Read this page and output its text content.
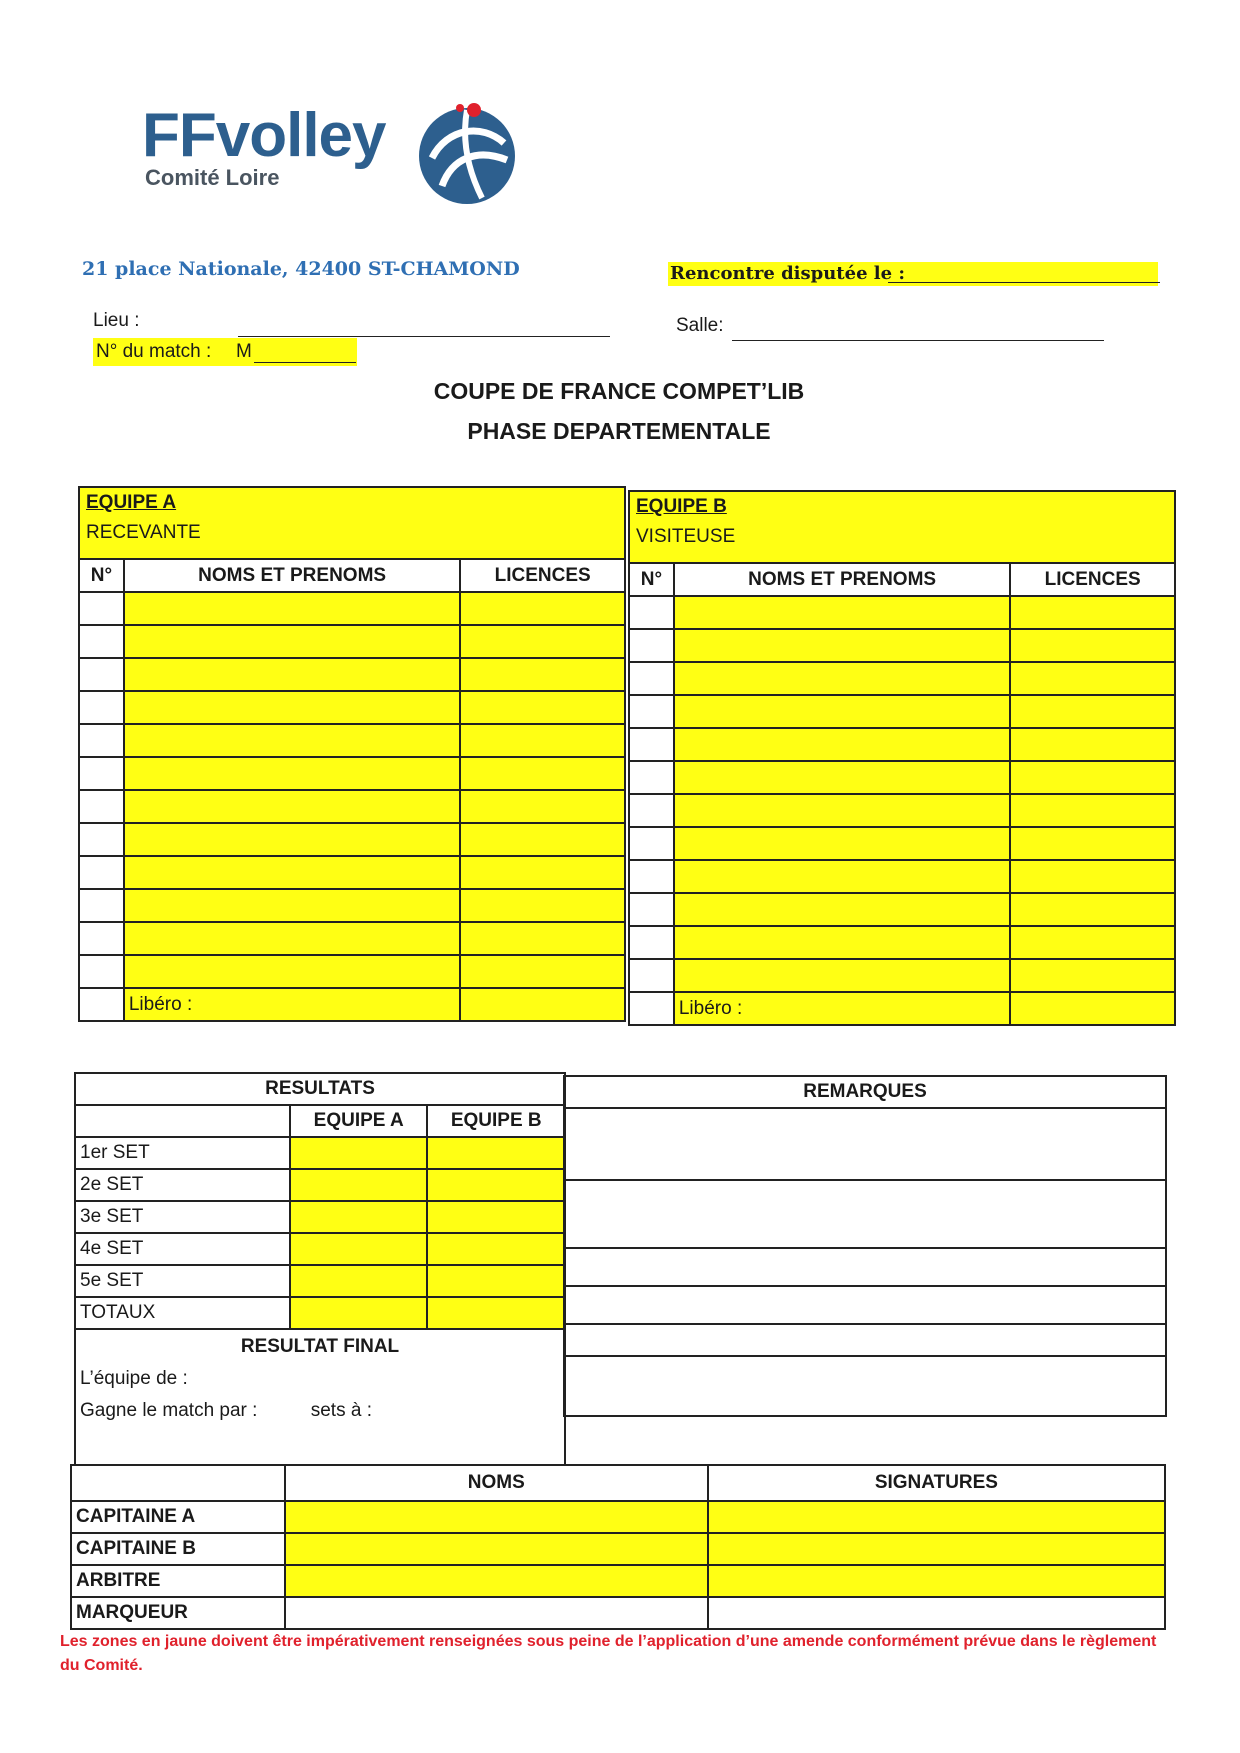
FFvolley
Comité Loire
21 place Nationale, 42400 ST-CHAMOND	Rencontre disputée le :
Lieu :	Salle:
N° du match : M
COUPE DE FRANCE COMPET’LIB
PHASE DEPARTEMENTALE
EQUIPE A
RECEVANTE		

N°	NOMS ET PRENOMS	LICENCES

	Libéro :	
EQUIPE B
VISITEUSE		

N°	NOMS ET PRENOMS	LICENCES

	Libéro :	
RESULTATS		
	EQUIPE A	EQUIPE B
1er SET		
2e SET		
3e SET		
4e SET		
5e SET		
TOTAUX		

RESULTAT FINAL
L’équipe de :
Gagne le match par : sets à :		
REMARQUES

	NOMS	SIGNATURES
CAPITAINE A		
CAPITAINE B		
ARBITRE		
MARQUEUR		
Les zones en jaune doivent être impérativement renseignées sous peine de l’application d’une amende conformément prévue dans le règlement du Comité.
